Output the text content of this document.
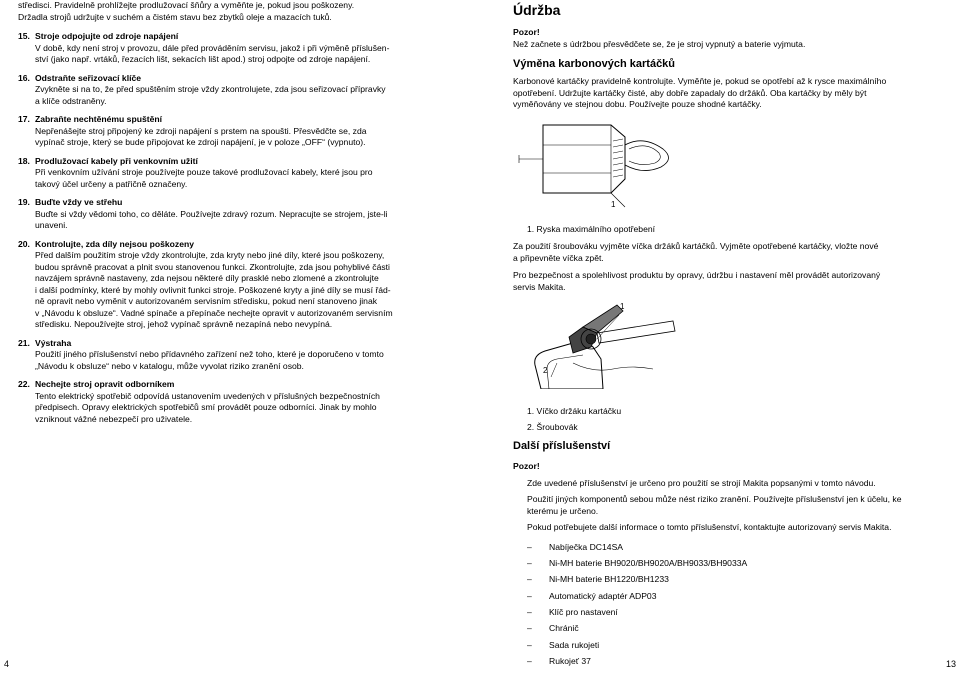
středisci. Pravidelně prohlížejte prodlužovací šňůry a vyměňte je, pokud jsou poškozeny.

Držadla strojů udržujte v suchém a čistém stavu bez zbytků oleje a mazacích tuků.

15. Stroje odpojujte od zdroje napájení

V době, kdy není stroj v provozu, dále před prováděním servisu, jakož i při výměně příslušen-

ství (jako např. vrtáků, řezacích lišt, sekacích lišt apod.) stroj odpojte od zdroje napájení.

16. Odstraňte seřizovací klíče

Zvykněte si na to, že před spuštěním stroje vždy zkontrolujete, zda jsou seřizovací přípravky

a klíče odstraněny.

17. Zabraňte nechtěnému spuštění

Nepřenášejte stroj připojený ke zdroji napájení s prstem na spoušti. Přesvědčte se, zda

vypínač stroje, který se bude připojovat ke zdroji napájení, je v poloze „OFF“ (vypnuto).

18. Prodlužovací kabely při venkovním užití

Při venkovním užívání stroje používejte pouze takové prodlužovací kabely, které jsou pro

takový účel určeny a patřičně označeny.

19. Buďte vždy ve střehu

Buďte si vždy vědomi toho, co děláte. Používejte zdravý rozum. Nepracujte se strojem, jste-li

unaveni.

20. Kontrolujte, zda díly nejsou poškozeny

Před dalším použitím stroje vždy zkontrolujte, zda kryty nebo jiné díly, které jsou poškozeny,

budou správně pracovat a plnit svou stanovenou funkci. Zkontrolujte, zda jsou pohyblivé části

navzájem správně nastaveny, zda nejsou některé díly prasklé nebo zlomené a zkontrolujte

i další podmínky, které by mohly ovlivnit funkci stroje. Poškozené kryty a jiné díly se musí řád-

ně opravit nebo vyměnit v autorizovaném servisním středisku, pokud není stanoveno jinak

v „Návodu k obsluze“. Vadné spínače a přepínače nechejte opravit v autorizovaném servisním

středisku. Nepoužívejte stroj, jehož vypínač správně nezapíná nebo nevypíná.

21. Výstraha

Použití jiného příslušenství nebo přídavného zařízení než toho, které je doporučeno v tomto

„Návodu k obsluze“ nebo v katalogu, může vyvolat riziko zranění osob.

22. Nechejte stroj opravit odborníkem

Tento elektrický spotřebič odpovídá ustanovením uvedených v příslušných bezpečnostních

předpisech. Opravy elektrických spotřebičů smí provádět pouze odborníci. Jinak by mohlo

vzniknout vážné nebezpečí pro uživatele.

Údržba

Pozor!

Než začnete s údržbou přesvědčete se, že je stroj vypnutý a baterie vyjmuta.

Výměna karbonových kartáčků

Karbonové kartáčky pravidelně kontrolujte. Vyměňte je, pokud se opotřebí až k rysce maximálního

opotřebení. Udržujte kartáčky čisté, aby dobře zapadaly do držáků. Oba kartáčky by měly být

vyměňovány ve stejnou dobu. Používejte pouze shodné kartáčky.

1

1. Ryska maximálního opotřebení

Za použití šroubováku vyjměte víčka držáků kartáčků. Vyjměte opotřebené kartáčky, vložte nové

a připevněte víčka zpět.

Pro bezpečnost a spolehlivost produktu by opravy, údržbu i nastavení měl provádět autorizovaný

servis Makita.

1
2

1. Víčko držáku kartáčku

2. Šroubovák

Další příslušenství

Pozor!

Zde uvedené příslušenství je určeno pro použití se strojí Makita popsanými v tomto návodu.

Použití jiných komponentů sebou může nést riziko zranění. Používejte příslušenství jen k účelu, ke

kterému je určeno.

Pokud potřebujete další informace o tomto příslušenství, kontaktujte autorizovaný servis Makita.

– Nabíječka DC14SA
– Ni-MH baterie BH9020/BH9020A/BH9033/BH9033A
– Ni-MH baterie BH1220/BH1233
– Automatický adaptér ADP03
– Klíč pro nastavení
– Chránič
– Sada rukojeti
– Rukojeť 37
4	13
